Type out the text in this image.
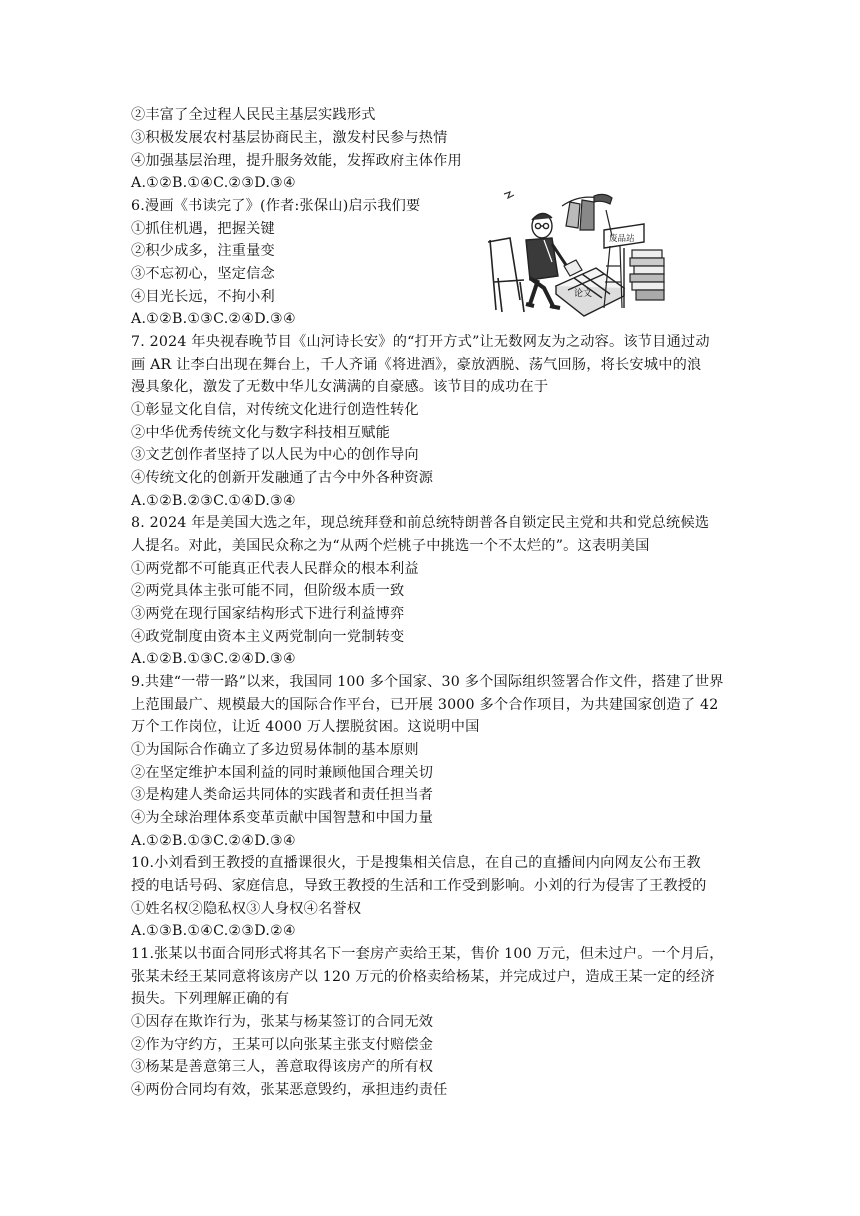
②丰富了全过程人民民主基层实践形式
③积极发展农村基层协商民主，激发村民参与热情
④加强基层治理，提升服务效能，发挥政府主体作用
A.①②B.①④C.②③D.③④
6.漫画《书读完了》(作者:张保山)启示我们要
①抓住机遇，把握关键
②积少成多，注重量变
③不忘初心，坚定信念
④目光长远，不拘小利
A.①②B.①③C.②④D.③④
7. 2024 年央视春晚节目《山河诗长安》的“打开方式”让无数网友为之动容。该节目通过动
画 AR 让李白出现在舞台上，千人齐诵《将进酒》，豪放洒脱、荡气回肠，将长安城中的浪
漫具象化，激发了无数中华儿女满满的自豪感。该节目的成功在于
①彰显文化自信，对传统文化进行创造性转化
②中华优秀传统文化与数字科技相互赋能
③文艺创作者坚持了以人民为中心的创作导向
④传统文化的创新开发融通了古今中外各种资源
A.①②B.②③C.①④D.③④
8. 2024 年是美国大选之年，现总统拜登和前总统特朗普各自锁定民主党和共和党总统候选
人提名。对此，美国民众称之为“从两个烂桃子中挑选一个不太烂的”。这表明美国
①两党都不可能真正代表人民群众的根本利益
②两党具体主张可能不同，但阶级本质一致
③两党在现行国家结构形式下进行利益博弈
④政党制度由资本主义两党制向一党制转变
A.①②B.①③C.②④D.③④
9.共建“一带一路”以来，我国同 100 多个国家、30 多个国际组织签署合作文件，搭建了世界
上范围最广、规模最大的国际合作平台，已开展 3000 多个合作项目，为共建国家创造了 42
万个工作岗位，让近 4000 万人摆脱贫困。这说明中国
①为国际合作确立了多边贸易体制的基本原则
②在坚定维护本国利益的同时兼顾他国合理关切
③是构建人类命运共同体的实践者和责任担当者
④为全球治理体系变革贡献中国智慧和中国力量
A.①②B.①③C.②④D.③④
10.小刘看到王教授的直播课很火，于是搜集相关信息，在自己的直播间内向网友公布王教
授的电话号码、家庭信息，导致王教授的生活和工作受到影响。小刘的行为侵害了王教授的
①姓名权②隐私权③人身权④名誉权
A.①③B.①④C.②③D.②④
11.张某以书面合同形式将其名下一套房产卖给王某，售价 100 万元，但未过户。一个月后，
张某未经王某同意将该房产以 120 万元的价格卖给杨某，并完成过户，造成王某一定的经济
损失。下列理解正确的有
①因存在欺诈行为，张某与杨某签订的合同无效
②作为守约方，王某可以向张某主张支付赔偿金
③杨某是善意第三人，善意取得该房产的所有权
④两份合同均有效，张某恶意毁约，承担违约责任
论文
废品站
